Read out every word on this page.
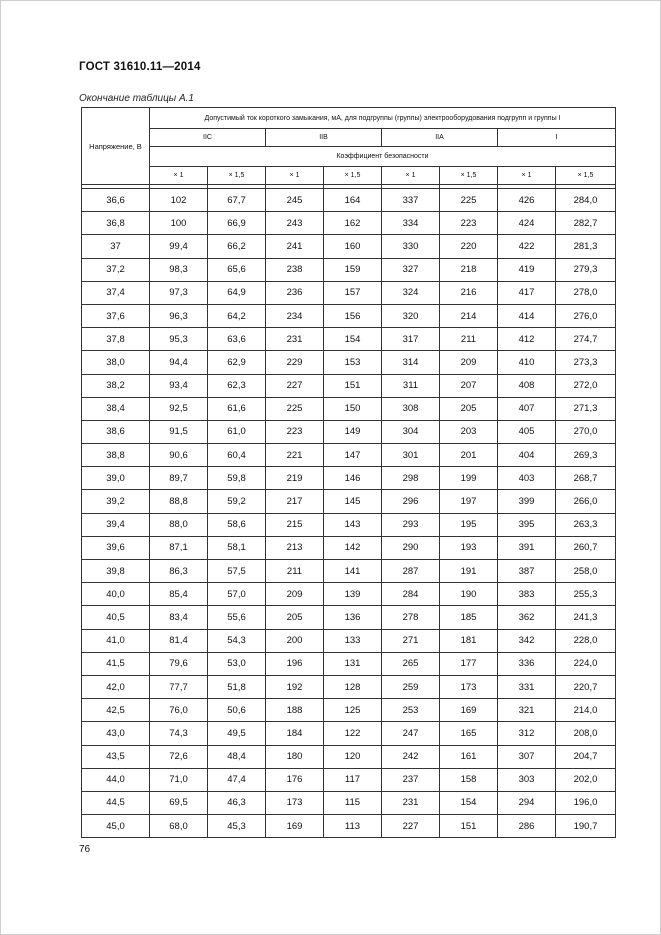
ГОСТ 31610.11—2014
Окончание таблицы А.1
Напряжение, В	Допустимый ток короткого замыкания, мА, для подгруппы (группы) электрооборудования подгрупп и группы I							
	IIC		IIB		IIA		I	
	Коэффициент безопасности							
	× 1	× 1,5	× 1	× 1,5	× 1	× 1,5	× 1	× 1,5

36,6	102	67,7	245	164	337	225	426	284,0
36,8	100	66,9	243	162	334	223	424	282,7
37	99,4	66,2	241	160	330	220	422	281,3
37,2	98,3	65,6	238	159	327	218	419	279,3
37,4	97,3	64,9	236	157	324	216	417	278,0
37,6	96,3	64,2	234	156	320	214	414	276,0
37,8	95,3	63,6	231	154	317	211	412	274,7
38,0	94,4	62,9	229	153	314	209	410	273,3
38,2	93,4	62,3	227	151	311	207	408	272,0
38,4	92,5	61,6	225	150	308	205	407	271,3
38,6	91,5	61,0	223	149	304	203	405	270,0
38,8	90,6	60,4	221	147	301	201	404	269,3
39,0	89,7	59,8	219	146	298	199	403	268,7
39,2	88,8	59,2	217	145	296	197	399	266,0
39,4	88,0	58,6	215	143	293	195	395	263,3
39,6	87,1	58,1	213	142	290	193	391	260,7
39,8	86,3	57,5	211	141	287	191	387	258,0
40,0	85,4	57,0	209	139	284	190	383	255,3
40,5	83,4	55,6	205	136	278	185	362	241,3
41,0	81,4	54,3	200	133	271	181	342	228,0
41,5	79,6	53,0	196	131	265	177	336	224,0
42,0	77,7	51,8	192	128	259	173	331	220,7
42,5	76,0	50,6	188	125	253	169	321	214,0
43,0	74,3	49,5	184	122	247	165	312	208,0
43,5	72,6	48,4	180	120	242	161	307	204,7
44,0	71,0	47,4	176	117	237	158	303	202,0
44,5	69,5	46,3	173	115	231	154	294	196,0
45,0	68,0	45,3	169	113	227	151	286	190,7
76
